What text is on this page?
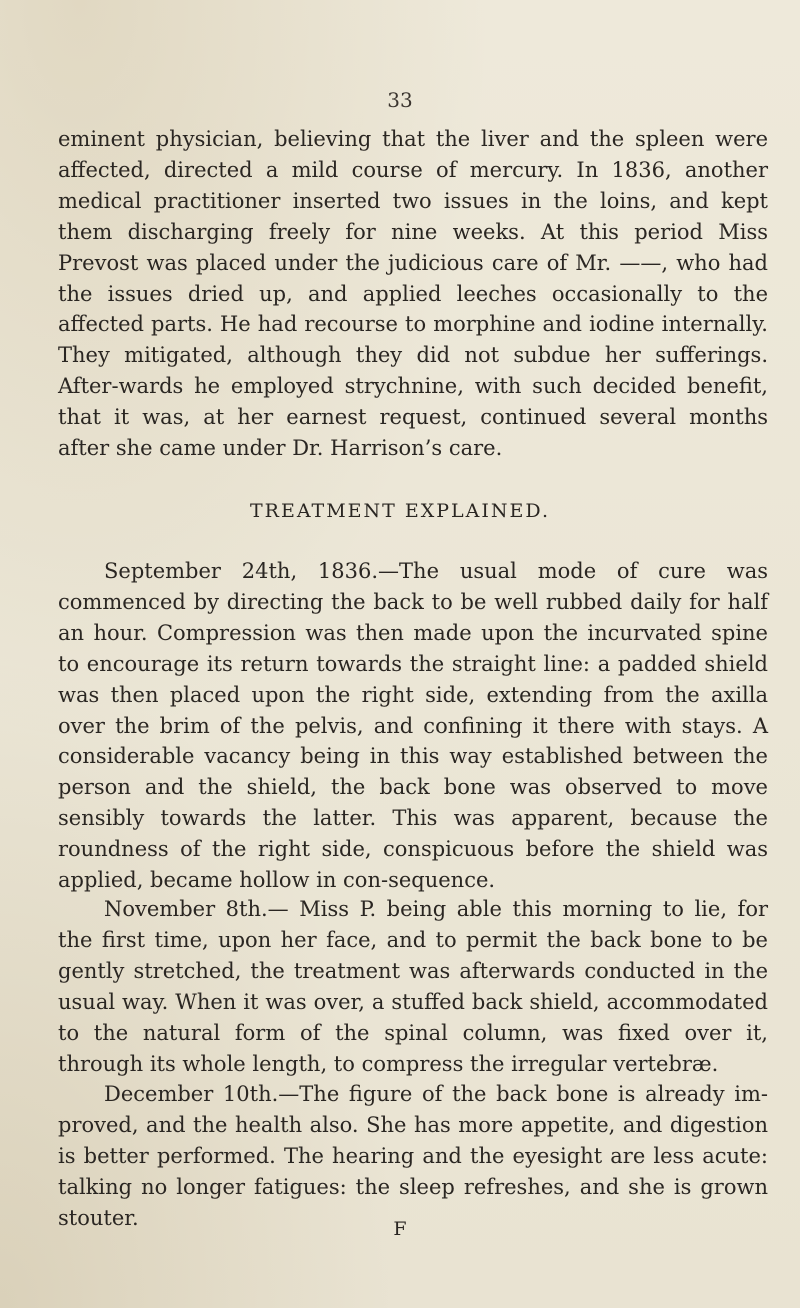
33

eminent physician, believing that the liver and the spleen were affected, directed a mild course of mercury. In 1836, another medical practitioner inserted two issues in the loins, and kept them discharging freely for nine weeks. At this period Miss Prevost was placed under the judicious care of Mr. ——, who had the issues dried up, and applied leeches occasionally to the affected parts. He had recourse to morphine and iodine internally. They mitigated, although they did not subdue her sufferings. After-wards he employed strychnine, with such decided benefit, that it was, at her earnest request, continued several months after she came under Dr. Harrison’s care.

TREATMENT EXPLAINED.

September 24th, 1836.—The usual mode of cure was commenced by directing the back to be well rubbed daily for half an hour. Compression was then made upon the incurvated spine to encourage its return towards the straight line: a padded shield was then placed upon the right side, extending from the axilla over the brim of the pelvis, and confining it there with stays. A considerable vacancy being in this way established between the person and the shield, the back bone was observed to move sensibly towards the latter. This was apparent, because the roundness of the right side, conspicuous before the shield was applied, became hollow in con-sequence.

November 8th.— Miss P. being able this morning to lie, for the first time, upon her face, and to permit the back bone to be gently stretched, the treatment was afterwards conducted in the usual way. When it was over, a stuffed back shield, accommodated to the natural form of the spinal column, was fixed over it, through its whole length, to compress the irregular vertebræ.

December 10th.—The figure of the back bone is already im-proved, and the health also. She has more appetite, and digestion is better performed. The hearing and the eyesight are less acute: talking no longer fatigues: the sleep refreshes, and she is grown stouter.	F
